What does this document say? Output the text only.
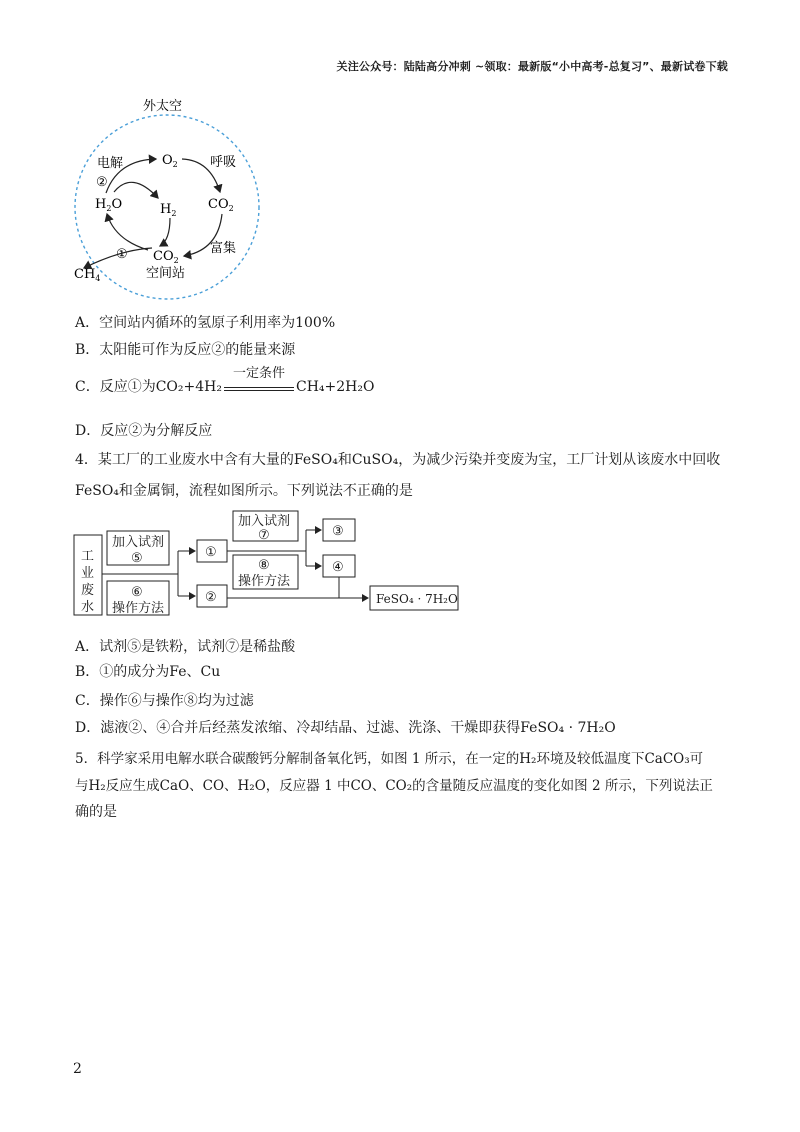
关注公众号：陆陆高分冲刺 ~领取：最新版“小中高考-总复习”、最新试卷下载
外太空
电解
②
$O_2$ 呼吸
$H_2O$	$H_2$
$CO_2$
① $CO_2$
富集
空间站
$CH_4$
A．空间站内循环的氢原子利用率为100%
B．太阳能可作为反应②的能量来源
C．反应①为CO₂+4H₂
一定条件
CH₄+2H₂O
D．反应②为分解反应
4．某工厂的工业废水中含有大量的FeSO₄和CuSO₄，为减少污染并变废为宝，工厂计划从该废水中回收
FeSO₄和金属铜，流程如图所示。下列说法不正确的是
工
业
废
水
加入试剂
⑤
⑥
操作方法
①
②
加入试剂
⑦
⑧
操作方法
③
④
FeSO₄ · 7H₂O
A．试剂⑤是铁粉，试剂⑦是稀盐酸
B．①的成分为Fe、Cu
C．操作⑥与操作⑧均为过滤
D．滤液②、④合并后经蒸发浓缩、冷却结晶、过滤、洗涤、干燥即获得FeSO₄ · 7H₂O
5．科学家采用电解水联合碳酸钙分解制备氧化钙，如图 1 所示，在一定的H₂环境及较低温度下CaCO₃可
与H₂反应生成CaO、CO、H₂O，反应器 1 中CO、CO₂的含量随反应温度的变化如图 2 所示，下列说法正
确的是
2
